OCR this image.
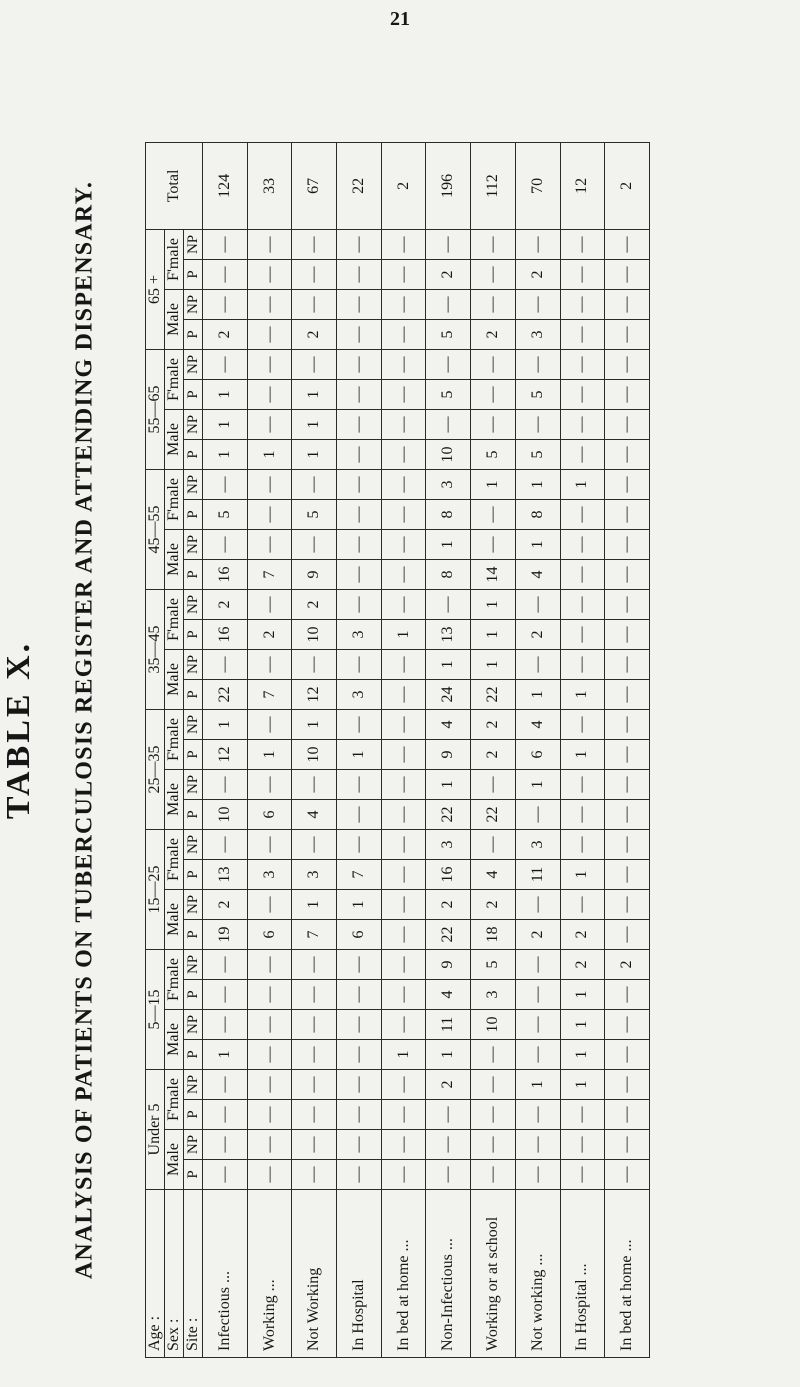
21
TABLE X. ANALYSIS OF PATIENTS ON TUBERCULOSIS REGISTER AND ATTENDING DISPENSARY.
Age :	Under 5				5—15				15—25				25—35				35—45				45—55				55—65				65 +				Total
Sex :	Male		F'male		Male		F'male		Male		F'male		Male		F'male		Male		F'male		Male		F'male		Male		F'male		Male		F'male		
Site :	P	NP	P	NP	P	NP	P	NP	P	NP	P	NP	P	NP	P	NP	P	NP	P	NP	P	NP	P	NP	P	NP	P	NP	P	NP	P	NP	
Infectious ...	—	—	—	—	1	—	—	—	19	2	13	—	10	—	12	1	22	—	16	2	16	—	5	—	1	1	1	—	2	—	—	—	124
Working ...	—	—	—	—	—	—	—	—	6	—	3	—	6	—	1	—	7	—	2	—	7	—	—	—	1	—	—	—	—	—	—	—	33
Not Working	—	—	—	—	—	—	—	—	7	1	3	—	4	—	10	1	12	—	10	2	9	—	5	—	1	1	1	—	2	—	—	—	67
In Hospital	—	—	—	—	—	—	—	—	6	1	7	—	—	—	1	—	3	—	3	—	—	—	—	—	—	—	—	—	—	—	—	—	22
In bed at home ...	—	—	—	—	1	—	—	—	—	—	—	—	—	—	—	—	—	—	1	—	—	—	—	—	—	—	—	—	—	—	—	—	2
Non-Infectious ...	—	—	—	2	1	11	4	9	22	2	16	3	22	1	9	4	24	1	13	—	8	1	8	3	10	—	5	—	5	—	2	—	196
Working or at school	—	—	—	—	—	10	3	5	18	2	4	—	22	—	2	2	22	1	1	1	14	—	—	1	5	—	—	—	2	—	—	—	112
Not working ...	—	—	—	1	—	—	—	—	2	—	11	3	—	1	6	4	1	—	2	—	4	1	8	1	5	—	5	—	3	—	2	—	70
In Hospital ...	—	—	—	1	1	1	1	2	2	—	1	—	—	—	1	—	1	—	—	—	—	—	—	1	—	—	—	—	—	—	—	—	12
In bed at home ...	—	—	—	—	—	—	—	2	—	—	—	—	—	—	—	—	—	—	—	—	—	—	—	—	—	—	—	—	—	—	—	—	2
